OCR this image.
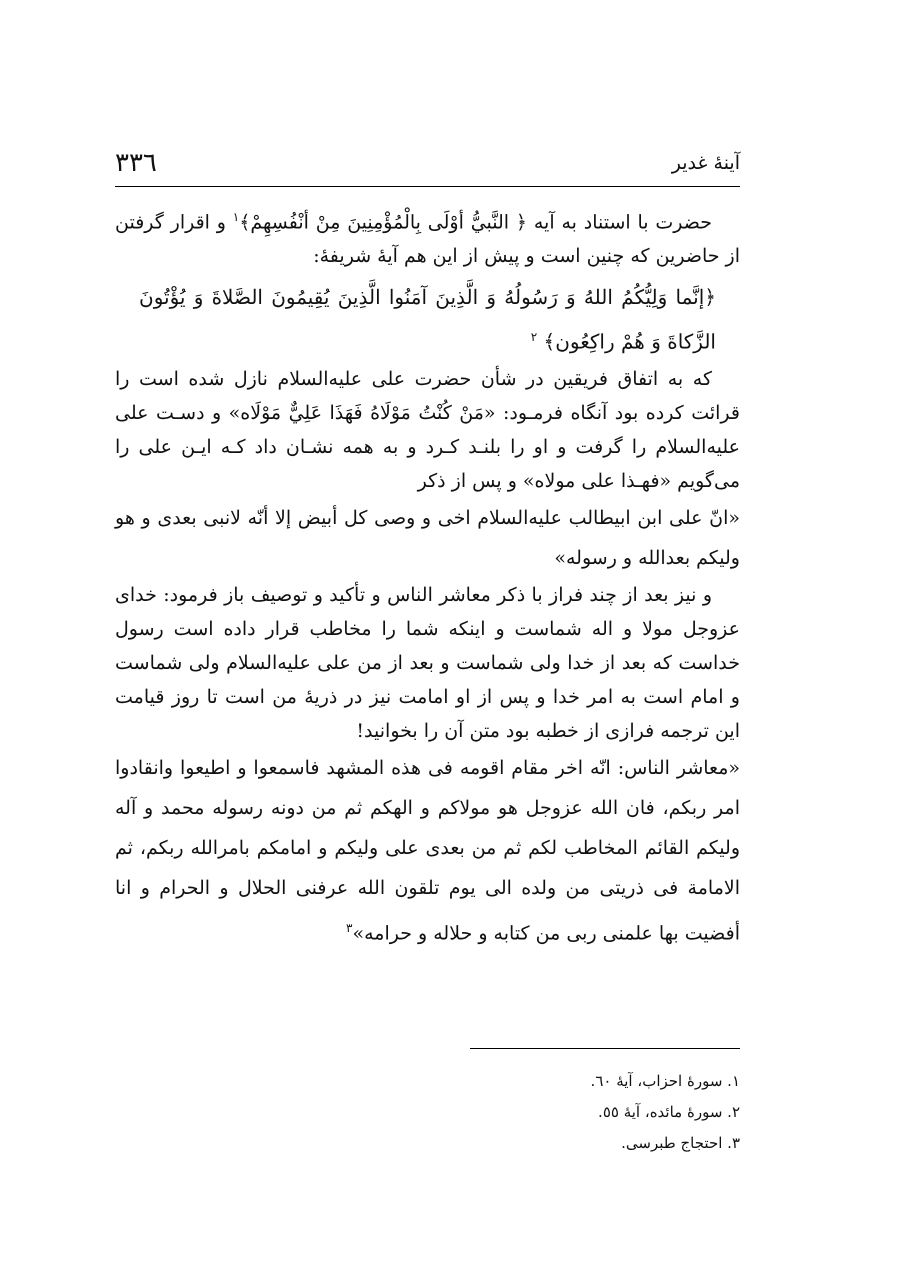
۳۳٦	آینهٔ غدیر

حضرت با استناد به آیه ﴿ النَّبيُّ أوْلَى بِالْمُؤْمِنِينَ مِنْ أنْفُسِهِمْ﴾$^۱$ و اقرار گرفتن از حاضرین که چنین است و پیش از این هم آیهٔ شریفهٔ:

﴿إنَّما وَلِيُّكُمُ اللهُ وَ رَسُولُهُ وَ الَّذِينَ آمَنُوا الَّذِينَ يُقِيمُونَ الصَّلاةَ وَ يُؤْتُونَ الزَّكاةَ وَ هُمْ راكِعُون﴾ $^۲$

که به اتفاق فریقین در شأن حضرت علی علیه‌السلام نازل شده است را قرائت کرده بود آنگاه فرمـود: «مَنْ كُنْتُ مَوْلَاهُ فَهَذَا عَلِيٌّ مَوْلَاه» و دسـت علی علیه‌السلام را گرفت و او را بلنـد کـرد و به همه نشـان داد کـه ایـن علی را می‌گویم «فهـذا علی مولاه» و پس از ذکر

«انّ علی ابن ابیطالب علیه‌السلام اخی و وصی کل أبیض إلا أنّه لانبی بعدی و هو ولیکم بعدالله و رسوله»

و نیز بعد از چند فراز با ذکر معاشر الناس و تأکید و توصیف باز فرمود: خدای عزوجل مولا و اله شماست و اینکه شما را مخاطب قرار داده است رسول خداست که بعد از خدا ولی شماست و بعد از من علی علیه‌السلام ولی شماست و امام است به امر خدا و پس از او امامت نیز در ذریهٔ من است تا روز قیامت این ترجمه فرازی از خطبه بود متن آن را بخوانید!

«معاشر الناس: انّه اخر مقام اقومه فی هذه المشهد فاسمعوا و اطیعوا وانقادوا امر ربکم، فان الله عزوجل هو مولاکم و الهکم ثم من دونه رسوله محمد و آله ولیکم القائم المخاطب لکم ثم من بعدی علی ولیکم و امامکم بامرالله ربکم، ثم الامامة فی ذریتی من ولده الی یوم تلقون الله عرفنی الحلال و الحرام و انا أفضیت بها علمنی ربی من کتابه و حلاله و حرامه»$^۳$

۱. سورهٔ احزاب، آیهٔ ٦۰.

۲. سورهٔ مائده، آیهٔ ٥٥.

۳. احتجاج طبرسی.
